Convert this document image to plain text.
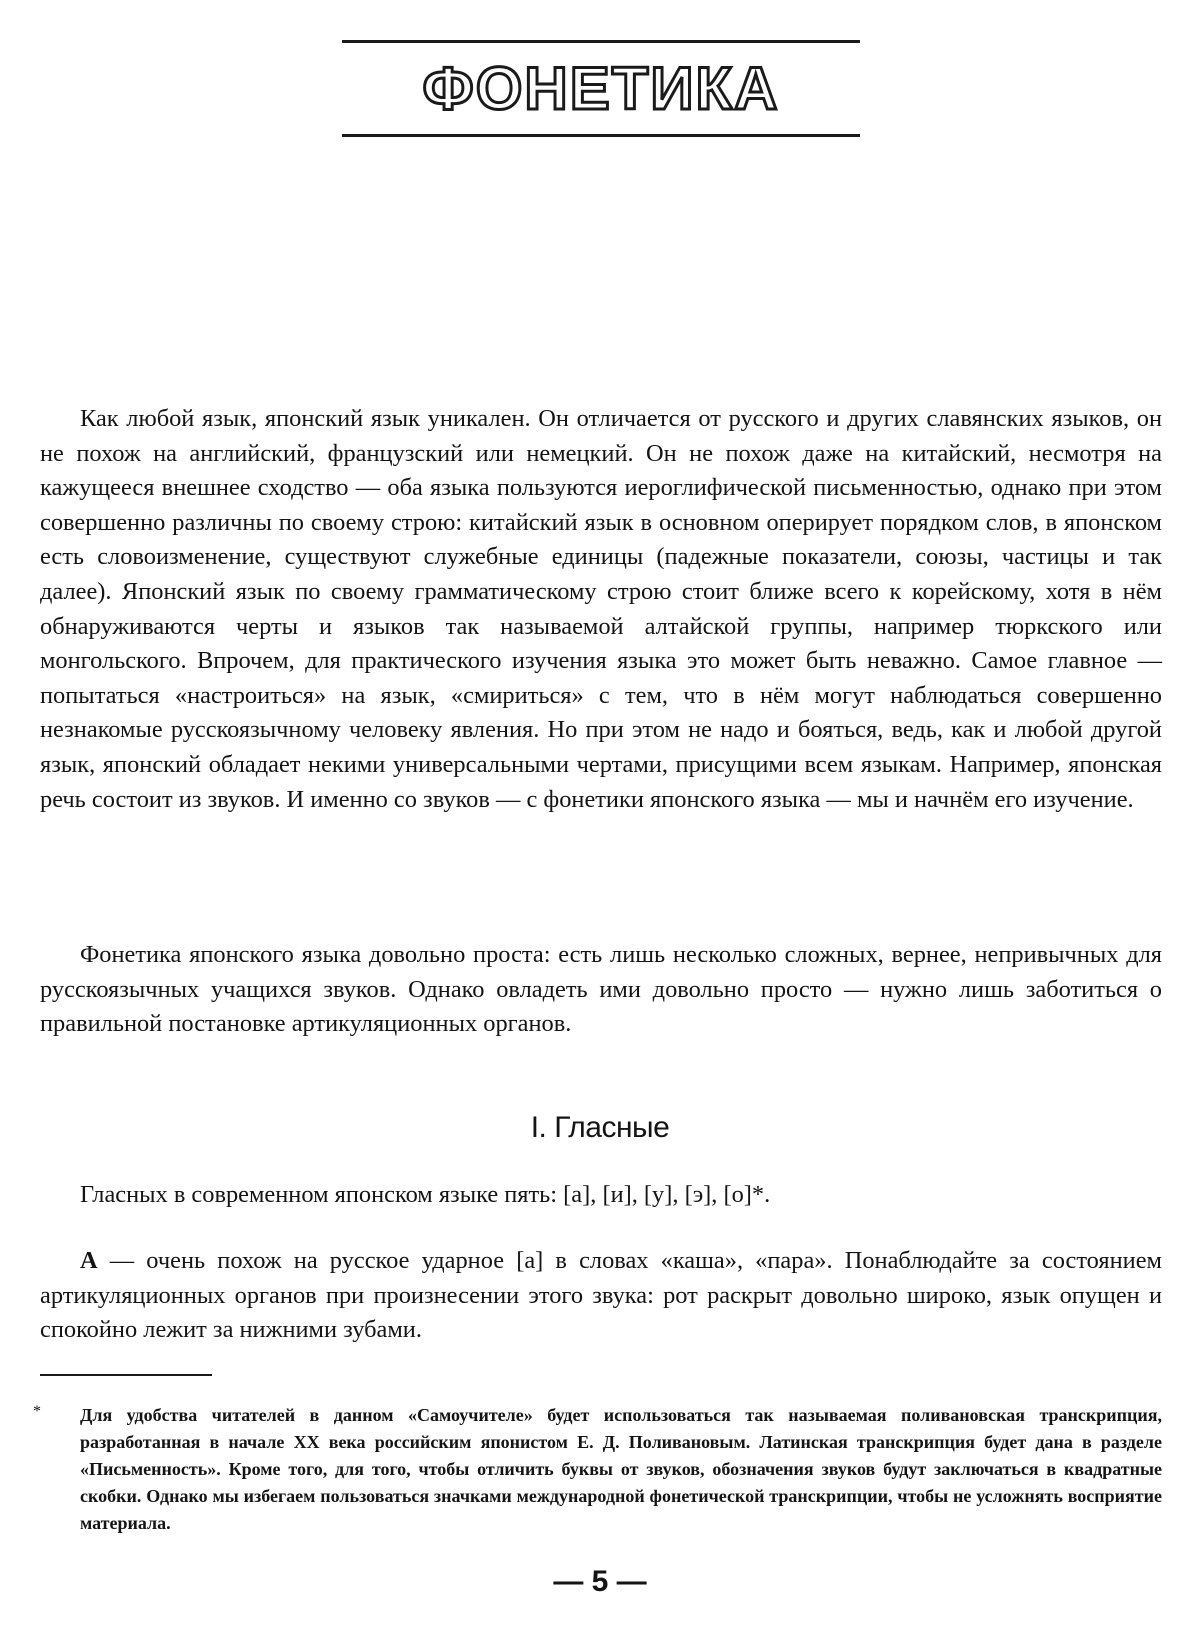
ФОНЕТИКА

Как любой язык, японский язык уникален. Он отличается от русского и других славянских языков, он не похож на английский, французский или немецкий. Он не похож даже на китайский, несмотря на кажущееся внешнее сходство — оба языка пользуются иероглифической письменностью, однако при этом совершенно различны по своему строю: китайский язык в основном оперирует порядком слов, в японском есть словоизменение, существуют служебные единицы (падежные показатели, союзы, частицы и так далее). Японский язык по своему грамматическому строю стоит ближе всего к корейскому, хотя в нём обнаруживаются черты и языков так называемой алтайской группы, например тюркского или монгольского. Впрочем, для практического изучения языка это может быть неважно. Самое главное — попытаться «настроиться» на язык, «смириться» с тем, что в нём могут наблюдаться совершенно незнакомые русскоязычному человеку явления. Но при этом не надо и бояться, ведь, как и любой другой язык, японский обладает некими универсальными чертами, присущими всем языкам. Например, японская речь состоит из звуков. И именно со звуков — с фонетики японского языка — мы и начнём его изучение.

Фонетика японского языка довольно проста: есть лишь несколько сложных, вернее, непривычных для русскоязычных учащихся звуков. Однако овладеть ими довольно просто — нужно лишь заботиться о правильной постановке артикуляционных органов.

I. Гласные

Гласных в современном японском языке пять: [а], [и], [у], [э], [о]*.

А — очень похож на русское ударное [а] в словах «каша», «пара». Понаблюдайте за состоянием артикуляционных органов при произнесении этого звука: рот раскрыт довольно широко, язык опущен и спокойно лежит за нижними зубами.

* Для удобства читателей в данном «Самоучителе» будет использоваться так называемая поливановская транскрипция, разработанная в начале XX века российским японистом Е. Д. Поливановым. Латинская транскрипция будет дана в разделе «Письменность». Кроме того, для того, чтобы отличить буквы от звуков, обозначения звуков будут заключаться в квадратные скобки. Однако мы избегаем пользоваться значками международной фонетической транскрипции, чтобы не усложнять восприятие материала.

— 5 —
